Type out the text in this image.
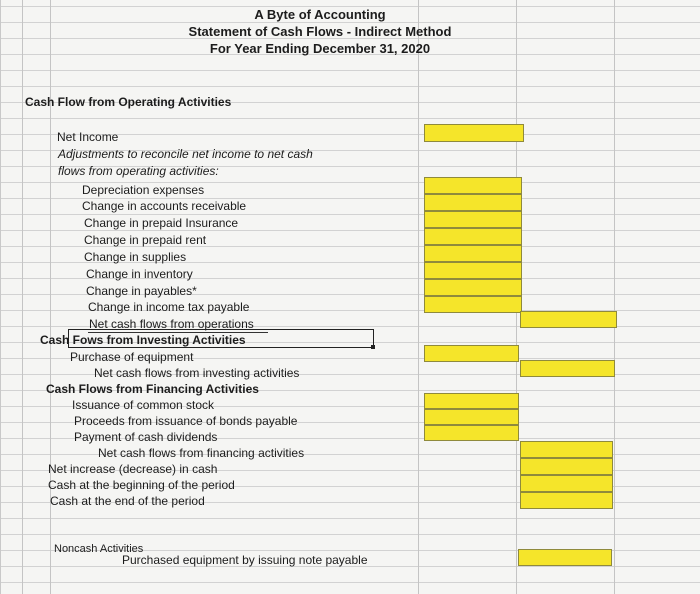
A Byte of Accounting
Statement of Cash Flows - Indirect Method
For Year Ending December 31, 2020
Cash Flow from Operating Activities
Net Income
Adjustments to reconcile net income to net cash
flows from operating activities:
Depreciation expenses
Change in accounts receivable
Change in prepaid Insurance
Change in prepaid rent
Change in supplies
Change in inventory
Change in payables*
Change in income tax payable
Net cash flows from operations
Cash F ows from Investing Activities
Purchase of equipment
Net cash flows from investing activities
Cash Flows from Financing Activities
Issuance of common stock
Proceeds from issuance of bonds payable
Payment of cash dividends
Net cash flows from financing activities
Net increase (decrease) in cash
Cash at the beginning of the period
Cash at the end of the period
Noncash Activities
Purchased equipment by issuing note payable
